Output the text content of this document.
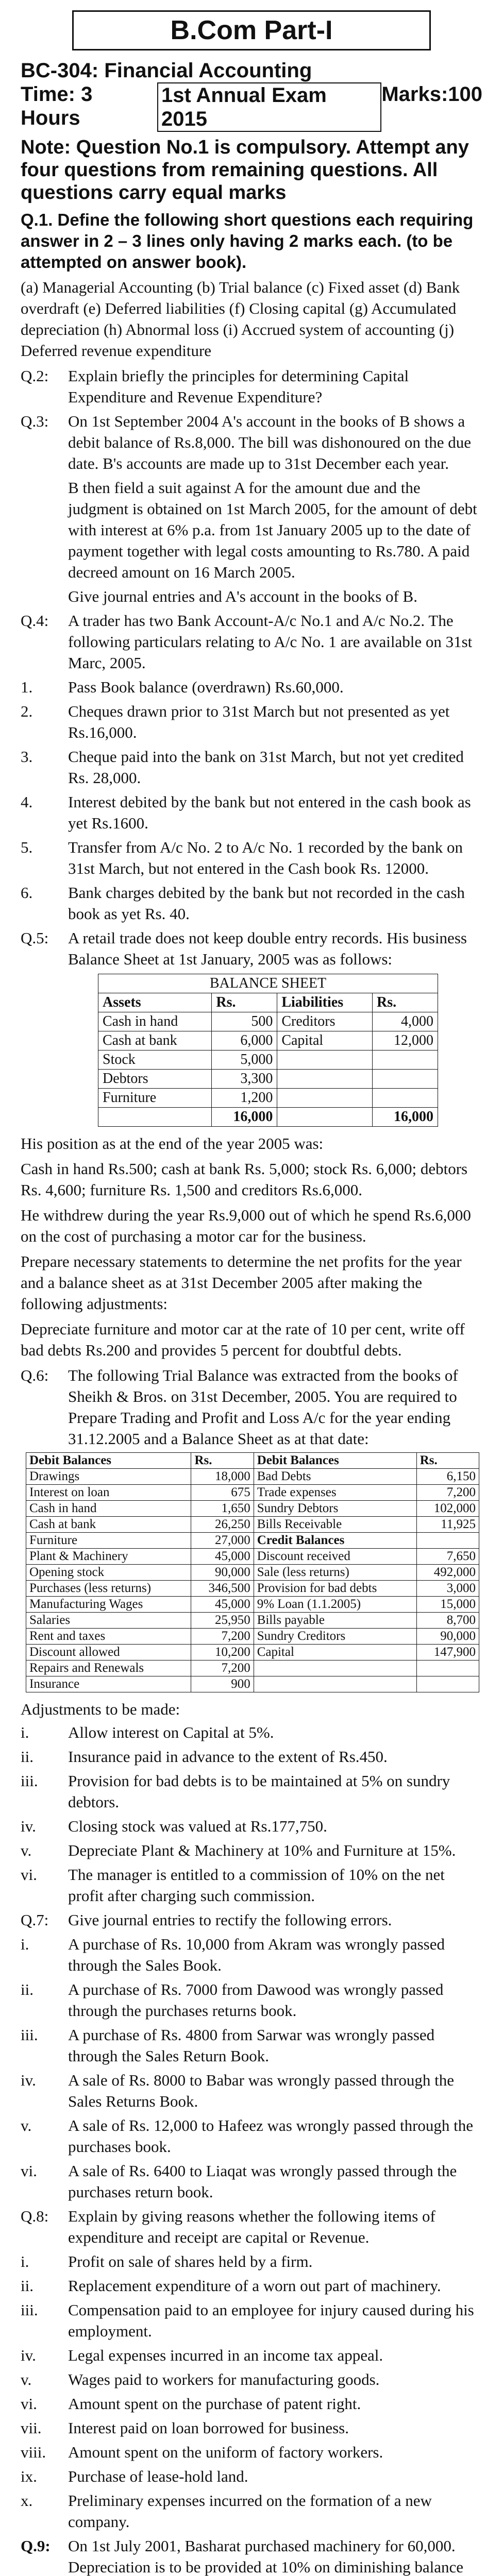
B.Com Part-I
BC-304: Financial Accounting
Time: 3 Hours
1st Annual Exam 2015
Marks:100
Note: Question No.1 is compulsory. Attempt any four questions from remaining questions. All questions carry equal marks
Q.1. Define the following short questions each requiring answer in 2 – 3 lines only having 2 marks each. (to be attempted on answer book).
(a) Managerial Accounting (b) Trial balance (c) Fixed asset (d) Bank overdraft (e) Deferred liabilities (f) Closing capital (g) Accumulated depreciation (h) Abnormal loss (i) Accrued system of accounting (j) Deferred revenue expenditure
Q.2:	Explain briefly the principles for determining Capital Expenditure and Revenue Expenditure?
Q.3:	On 1st September 2004 A's account in the books of B shows a debit balance of Rs.8,000. The bill was dishonoured on the due date. B's accounts are made up to 31st December each year.
B then field a suit against A for the amount due and the judgment is obtained on 1st March 2005, for the amount of debt with interest at 6% p.a. from 1st January 2005 up to the date of payment together with legal costs amounting to Rs.780. A paid decreed amount on 16 March 2005.
Give journal entries and A's account in the books of B.
Q.4:	A trader has two Bank Account-A/c No.1 and A/c No.2. The following particulars relating to A/c No. 1 are available on 31st Marc, 2005.
1.	Pass Book balance (overdrawn) Rs.60,000.
2.	Cheques drawn prior to 31st March but not presented as yet Rs.16,000.
3.	Cheque paid into the bank on 31st March, but not yet credited Rs. 28,000.
4.	Interest debited by the bank but not entered in the cash book as yet Rs.1600.
5.	Transfer from A/c No. 2 to A/c No. 1 recorded by the bank on 31st March, but not entered in the Cash book Rs. 12000.
6.	Bank charges debited by the bank but not recorded in the cash book as yet Rs. 40.
Q.5:	A retail trade does not keep double entry records. His business Balance Sheet at 1st January, 2005 was as follows:
BALANCE SHEET			
Assets	Rs.	Liabilities	Rs.
Cash in hand	500	Creditors	4,000
Cash at bank	6,000	Capital	12,000
Stock	5,000		
Debtors	3,300		
Furniture	1,200		
	16,000		16,000
His position as at the end of the year 2005 was:
Cash in hand Rs.500; cash at bank Rs. 5,000; stock Rs. 6,000; debtors Rs. 4,600; furniture Rs. 1,500 and creditors Rs.6,000.
He withdrew during the year Rs.9,000 out of which he spend Rs.6,000 on the cost of purchasing a motor car for the business.
Prepare necessary statements to determine the net profits for the year and a balance sheet as at 31st December 2005 after making the following adjustments:
Depreciate furniture and motor car at the rate of 10 per cent, write off bad debts Rs.200 and provides 5 percent for doubtful debts.
Q.6:	The following Trial Balance was extracted from the books of Sheikh & Bros. on 31st December, 2005. You are required to Prepare Trading and Profit and Loss A/c for the year ending 31.12.2005 and a Balance Sheet as at that date:
Debit Balances	Rs.	Debit Balances	Rs.
Drawings	18,000	Bad Debts	6,150
Interest on loan	675	Trade expenses	7,200
Cash in hand	1,650	Sundry Debtors	102,000
Cash at bank	26,250	Bills Receivable	11,925
Furniture	27,000	Credit Balances	
Plant & Machinery	45,000	Discount received	7,650
Opening stock	90,000	Sale (less returns)	492,000
Purchases (less returns)	346,500	Provision for bad debts	3,000
Manufacturing Wages	45,000	9% Loan (1.1.2005)	15,000
Salaries	25,950	Bills payable	8,700
Rent and taxes	7,200	Sundry Creditors	90,000
Discount allowed	10,200	Capital	147,900
Repairs and Renewals	7,200		
Insurance	900		
Adjustments to be made:
i.	Allow interest on Capital at 5%.
ii.	Insurance paid in advance to the extent of Rs.450.
iii.	Provision for bad debts is to be maintained at 5% on sundry debtors.
iv.	Closing stock was valued at Rs.177,750.
v.	Depreciate Plant & Machinery at 10% and Furniture at 15%.
vi.	The manager is entitled to a commission of 10% on the net profit after charging such commission.
Q.7:	Give journal entries to rectify the following errors.
i.	A purchase of Rs. 10,000 from Akram was wrongly passed through the Sales Book.
ii.	A purchase of Rs. 7000 from Dawood was wrongly passed through the purchases returns book.
iii.	A purchase of Rs. 4800 from Sarwar was wrongly passed through the Sales Return Book.
iv.	A sale of Rs. 8000 to Babar was wrongly passed through the Sales Returns Book.
v.	A sale of Rs. 12,000 to Hafeez was wrongly passed through the purchases book.
vi.	A sale of Rs. 6400 to Liaqat was wrongly passed through the purchases return book.
Q.8:	Explain by giving reasons whether the following items of expenditure and receipt are capital or Revenue.
i.	Profit on sale of shares held by a firm.
ii.	Replacement expenditure of a worn out part of machinery.
iii.	Compensation paid to an employee for injury caused during his employment.
iv.	Legal expenses incurred in an income tax appeal.
v.	Wages paid to workers for manufacturing goods.
vi.	Amount spent on the purchase of patent right.
vii.	Interest paid on loan borrowed for business.
viii.	Amount spent on the uniform of factory workers.
ix.	Purchase of lease-hold land.
x.	Preliminary expenses incurred on the formation of a new company.
Q.9:	On 1st July 2001, Basharat purchased machinery for 60,000. Depreciation is to be provided at 10% on diminishing balance
